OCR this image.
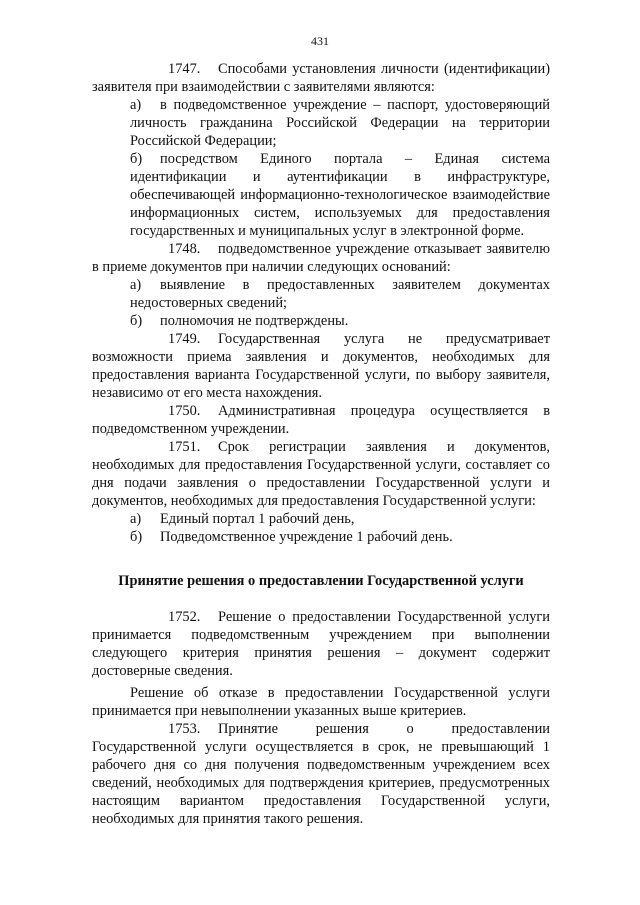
431

1747. Способами установления личности (идентификации) заявителя при взаимодействии с заявителями являются:

а) в подведомственное учреждение – паспорт, удостоверяющий личность гражданина Российской Федерации на территории Российской Федерации;

б) посредством Единого портала – Единая система идентификации и аутентификации в инфраструктуре, обеспечивающей информационно-технологическое взаимодействие информационных систем, используемых для предоставления государственных и муниципальных услуг в электронной форме.

1748. подведомственное учреждение отказывает заявителю в приеме документов при наличии следующих оснований:

а) выявление в предоставленных заявителем документах недостоверных сведений;

б) полномочия не подтверждены.

1749. Государственная услуга не предусматривает возможности приема заявления и документов, необходимых для предоставления варианта Государственной услуги, по выбору заявителя, независимо от его места нахождения.

1750. Административная процедура осуществляется в подведомственном учреждении.

1751. Срок регистрации заявления и документов, необходимых для предоставления Государственной услуги, составляет со дня подачи заявления о предоставлении Государственной услуги и документов, необходимых для предоставления Государственной услуги:

а) Единый портал 1 рабочий день,

б) Подведомственное учреждение 1 рабочий день.

Принятие решения о предоставлении Государственной услуги

1752. Решение о предоставлении Государственной услуги принимается подведомственным учреждением при выполнении следующего критерия принятия решения – документ содержит достоверные сведения.

Решение об отказе в предоставлении Государственной услуги принимается при невыполнении указанных выше критериев.

1753. Принятие решения о предоставлении Государственной услуги осуществляется в срок, не превышающий 1 рабочего дня со дня получения подведомственным учреждением всех сведений, необходимых для подтверждения критериев, предусмотренных настоящим вариантом предоставления Государственной услуги, необходимых для принятия такого решения.
